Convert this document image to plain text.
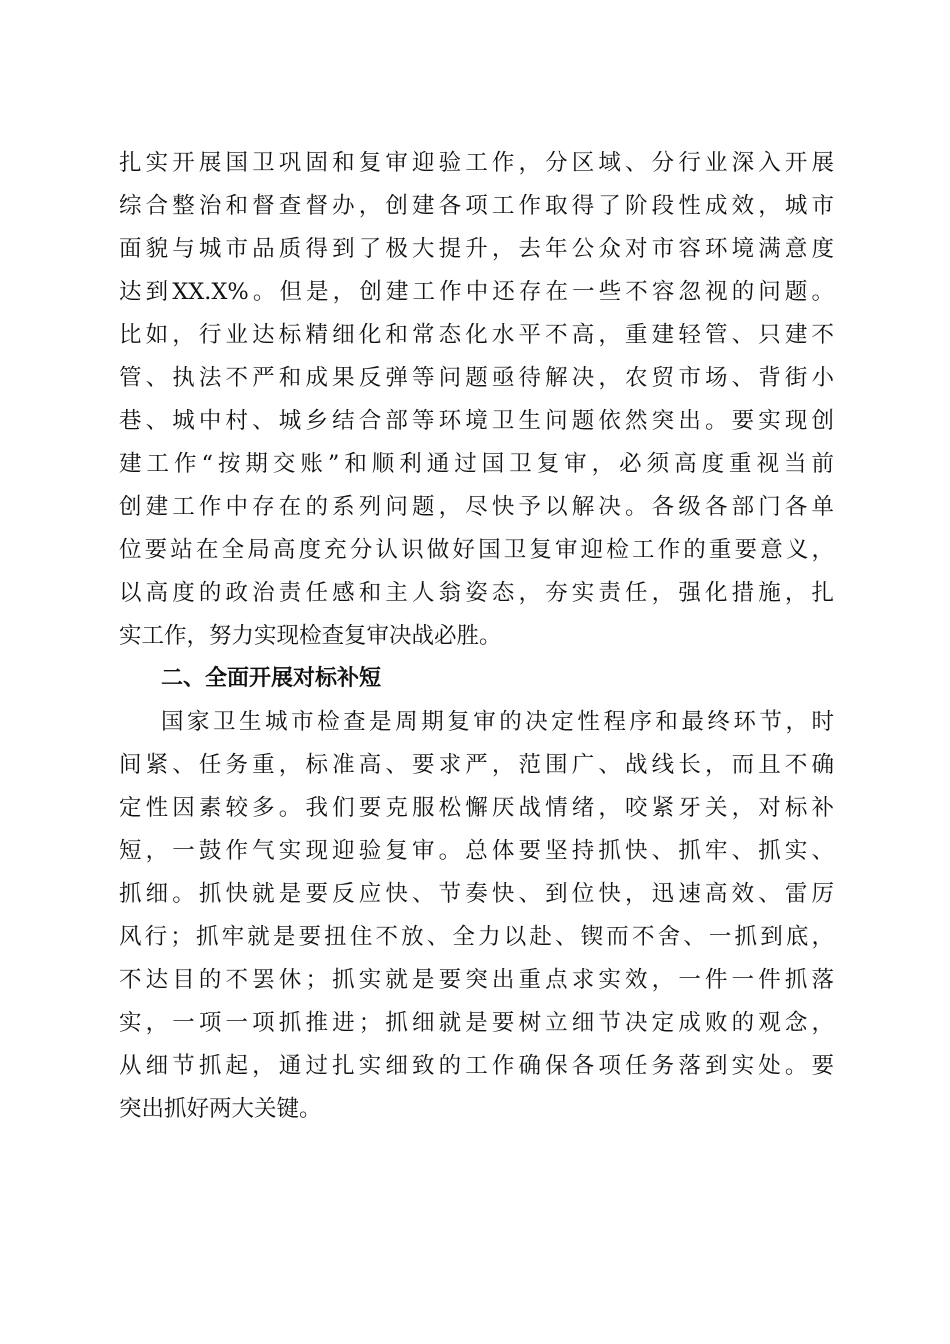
扎实开展国卫巩固和复审迎验工作，分区域、分行业深入开展
综合整治和督查督办，创建各项工作取得了阶段性成效，城市
面貌与城市品质得到了极大提升，去年公众对市容环境满意度
达到XX.X%。但是，创建工作中还存在一些不容忽视的问题。
比如，行业达标精细化和常态化水平不高，重建轻管、只建不
管、执法不严和成果反弹等问题亟待解决，农贸市场、背街小
巷、城中村、城乡结合部等环境卫生问题依然突出。要实现创
建工作“按期交账”和顺利通过国卫复审，必须高度重视当前
创建工作中存在的系列问题，尽快予以解决。各级各部门各单
位要站在全局高度充分认识做好国卫复审迎检工作的重要意义，
以高度的政治责任感和主人翁姿态，夯实责任，强化措施，扎
实工作，努力实现检查复审决战必胜。
二、全面开展对标补短
国家卫生城市检查是周期复审的决定性程序和最终环节，时
间紧、任务重，标准高、要求严，范围广、战线长，而且不确
定性因素较多。我们要克服松懈厌战情绪，咬紧牙关，对标补
短，一鼓作气实现迎验复审。总体要坚持抓快、抓牢、抓实、
抓细。抓快就是要反应快、节奏快、到位快，迅速高效、雷厉
风行；抓牢就是要扭住不放、全力以赴、锲而不舍、一抓到底，
不达目的不罢休；抓实就是要突出重点求实效，一件一件抓落
实，一项一项抓推进；抓细就是要树立细节决定成败的观念，
从细节抓起，通过扎实细致的工作确保各项任务落到实处。要
突出抓好两大关键。
